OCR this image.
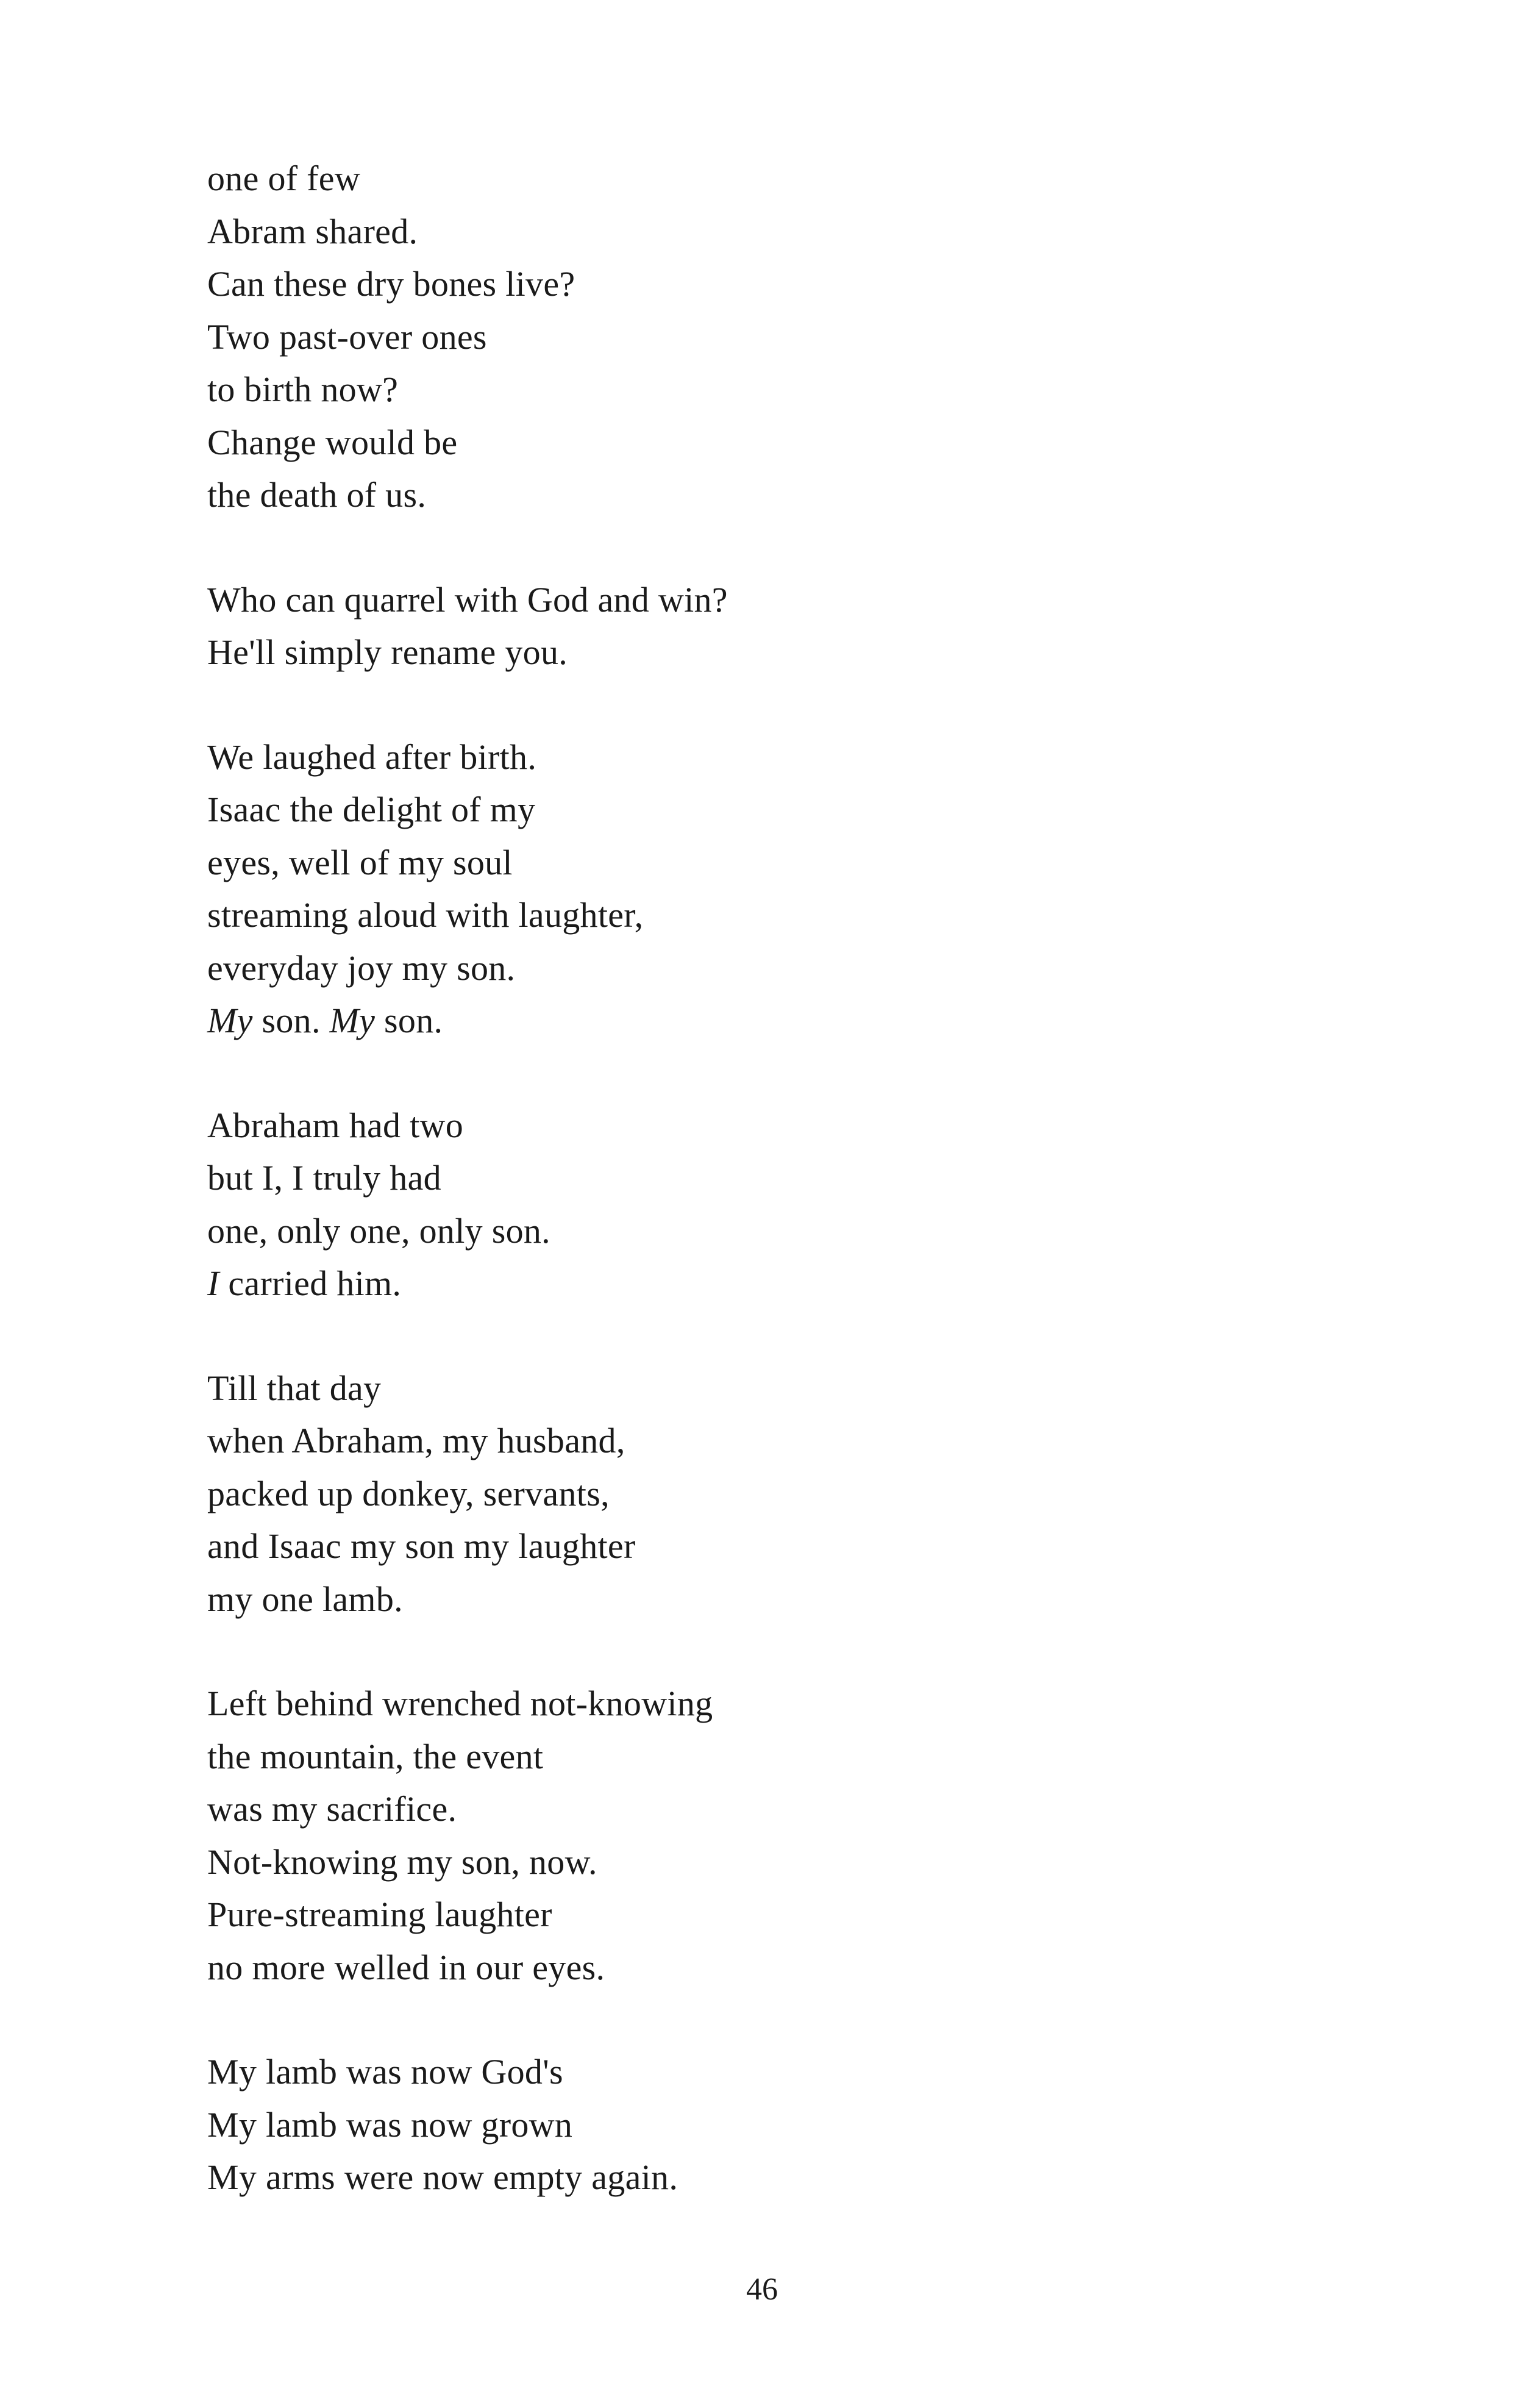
one of few
Abram shared.
Can these dry bones live?
Two past-over ones
to birth now?
Change would be
the death of us.
Who can quarrel with God and win?
He'll simply rename you.
We laughed after birth.
Isaac the delight of my
eyes, well of my soul
streaming aloud with laughter,
everyday joy my son.
My son. My son.
Abraham had two
but I, I truly had
one, only one, only son.
I carried him.
Till that day
when Abraham, my husband,
packed up donkey, servants,
and Isaac my son my laughter
my one lamb.
Left behind wrenched not-knowing
the mountain, the event
was my sacrifice.
Not-knowing my son, now.
Pure-streaming laughter
no more welled in our eyes.
My lamb was now God's
My lamb was now grown
My arms were now empty again.
46
